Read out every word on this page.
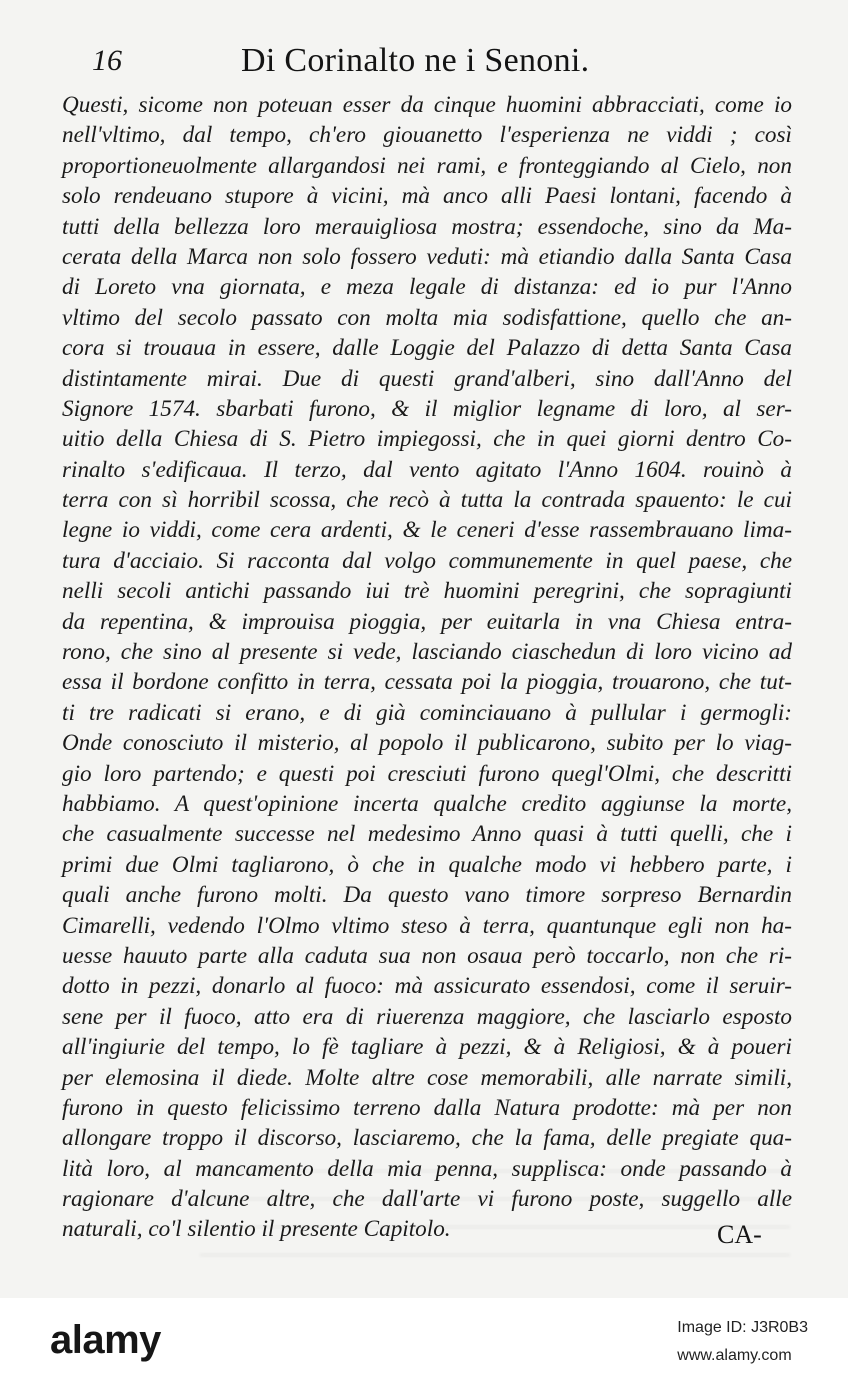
16	Di Corinalto ne i Senoni.
Questi, sicome non poteuan esser da cinque huomini abbracciati, come io
nell'vltimo, dal tempo, ch'ero giouanetto l'esperienza ne viddi ; così
proportioneuolmente allargandosi nei rami, e fronteggiando al Cielo, non
solo rendeuano stupore à vicini, mà anco alli Paesi lontani, facendo à
tutti della bellezza loro merauigliosa mostra; essendoche, sino da Ma-
cerata della Marca non solo fossero veduti: mà etiandio dalla Santa Casa
di Loreto vna giornata, e meza legale di distanza: ed io pur l'Anno
vltimo del secolo passato con molta mia sodisfattione, quello che an-
cora si trouaua in essere, dalle Loggie del Palazzo di detta Santa Casa
distintamente mirai. Due di questi grand'alberi, sino dall'Anno del
Signore 1574. sbarbati furono, & il miglior legname di loro, al ser-
uitio della Chiesa di S. Pietro impiegossi, che in quei giorni dentro Co-
rinalto s'edificaua. Il terzo, dal vento agitato l'Anno 1604. rouinò à
terra con sì horribil scossa, che recò à tutta la contrada spauento: le cui
legne io viddi, come cera ardenti, & le ceneri d'esse rassembrauano lima-
tura d'acciaio. Si racconta dal volgo communemente in quel paese, che
nelli secoli antichi passando iui trè huomini peregrini, che sopragiunti
da repentina, & improuisa pioggia, per euitarla in vna Chiesa entra-
rono, che sino al presente si vede, lasciando ciaschedun di loro vicino ad
essa il bordone confitto in terra, cessata poi la pioggia, trouarono, che tut-
ti tre radicati si erano, e di già cominciauano à pullular i germogli:
Onde conosciuto il misterio, al popolo il publicarono, subito per lo viag-
gio loro partendo; e questi poi cresciuti furono quegl'Olmi, che descritti
habbiamo. A quest'opinione incerta qualche credito aggiunse la morte,
che casualmente successe nel medesimo Anno quasi à tutti quelli, che i
primi due Olmi tagliarono, ò che in qualche modo vi hebbero parte, i
quali anche furono molti. Da questo vano timore sorpreso Bernardin
Cimarelli, vedendo l'Olmo vltimo steso à terra, quantunque egli non ha-
uesse hauuto parte alla caduta sua non osaua però toccarlo, non che ri-
dotto in pezzi, donarlo al fuoco: mà assicurato essendosi, come il seruir-
sene per il fuoco, atto era di riuerenza maggiore, che lasciarlo esposto
all'ingiurie del tempo, lo fè tagliare à pezzi, & à Religiosi, & à poueri
per elemosina il diede. Molte altre cose memorabili, alle narrate simili,
furono in questo felicissimo terreno dalla Natura prodotte: mà per non
allongare troppo il discorso, lasciaremo, che la fama, delle pregiate qua-
lità loro, al mancamento della mia penna, supplisca: onde passando à
ragionare d'alcune altre, che dall'arte vi furono poste, suggello alle
naturali, co'l silentio il presente Capitolo.	CA-
alamy	Image ID: J3R0B3
www.alamy.com
